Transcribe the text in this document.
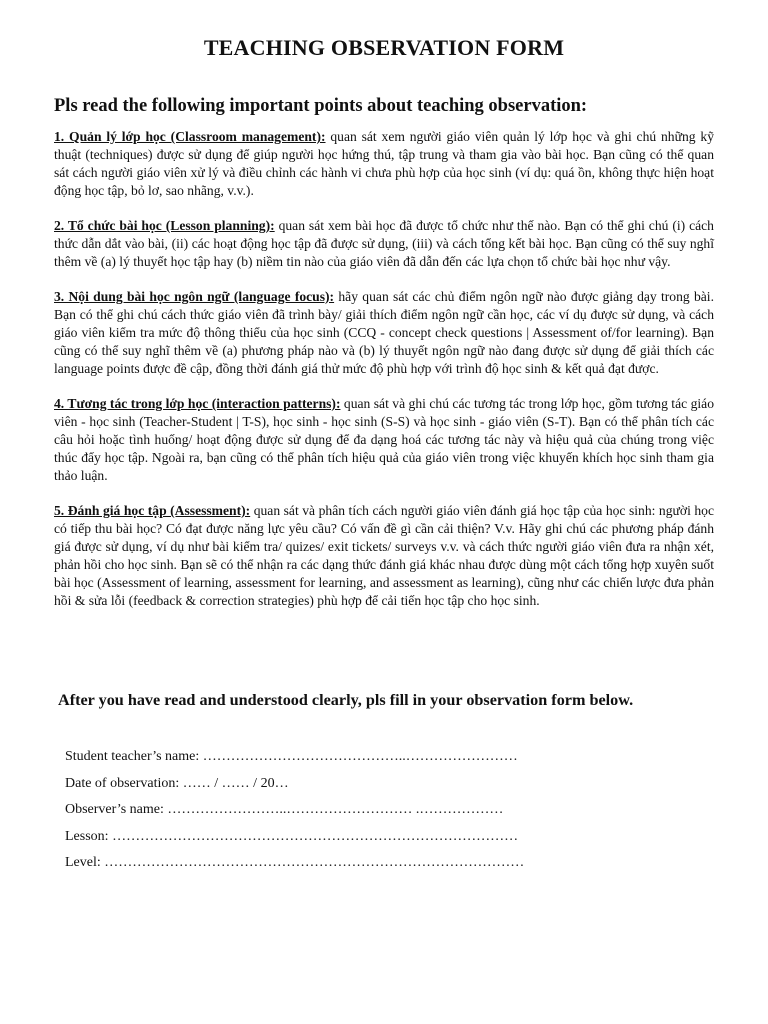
TEACHING OBSERVATION FORM

Pls read the following important points about teaching observation:

1. Quản lý lớp học (Classroom management): quan sát xem người giáo viên quản lý lớp học và ghi chú những kỹ thuật (techniques) được sử dụng để giúp người học hứng thú, tập trung và tham gia vào bài học. Bạn cũng có thể quan sát cách người giáo viên xử lý và điều chỉnh các hành vi chưa phù hợp của học sinh (ví dụ: quá ồn, không thực hiện hoạt động học tập, bỏ lơ, sao nhãng, v.v.).

2. Tổ chức bài học (Lesson planning): quan sát xem bài học đã được tổ chức như thế nào. Bạn có thể ghi chú (i) cách thức dẫn dắt vào bài, (ii) các hoạt động học tập đã được sử dụng, (iii) và cách tổng kết bài học. Bạn cũng có thể suy nghĩ thêm về (a) lý thuyết học tập hay (b) niềm tin nào của giáo viên đã dẫn đến các lựa chọn tổ chức bài học như vậy.

3. Nội dung bài học ngôn ngữ (language focus): hãy quan sát các chủ điểm ngôn ngữ nào được giảng dạy trong bài. Bạn có thể ghi chú cách thức giáo viên đã trình bày/ giải thích điểm ngôn ngữ cần học, các ví dụ được sử dụng, và cách giáo viên kiểm tra mức độ thông thiểu của học sinh (CCQ - concept check questions | Assessment of/for learning). Bạn cũng có thể suy nghĩ thêm về (a) phương pháp nào và (b) lý thuyết ngôn ngữ nào đang được sử dụng để giải thích các language points được đề cập, đồng thời đánh giá thử mức độ phù hợp với trình độ học sinh & kết quả đạt được.

4. Tương tác trong lớp học (interaction patterns): quan sát và ghi chú các tương tác trong lớp học, gồm tương tác giáo viên - học sinh (Teacher-Student | T-S), học sinh - học sinh (S-S) và học sinh - giáo viên (S-T). Bạn có thể phân tích các câu hỏi hoặc tình huống/ hoạt động được sử dụng để đa dạng hoá các tương tác này và hiệu quả của chúng trong việc thúc đẩy học tập. Ngoài ra, bạn cũng có thể phân tích hiệu quả của giáo viên trong việc khuyến khích học sinh tham gia thảo luận.

5. Đánh giá học tập (Assessment): quan sát và phân tích cách người giáo viên đánh giá học tập của học sinh: người học có tiếp thu bài học? Có đạt được năng lực yêu cầu? Có vấn đề gì cần cải thiện? V.v. Hãy ghi chú các phương pháp đánh giá được sử dụng, ví dụ như bài kiểm tra/ quizes/ exit tickets/ surveys v.v. và cách thức người giáo viên đưa ra nhận xét, phản hồi cho học sinh. Bạn sẽ có thể nhận ra các dạng thức đánh giá khác nhau được dùng một cách tổng hợp xuyên suốt bài học (Assessment of learning, assessment for learning, and assessment as learning), cũng như các chiến lược đưa phản hồi & sửa lỗi (feedback & correction strategies) phù hợp để cải tiến học tập cho học sinh.

After you have read and understood clearly, pls fill in your observation form below.

Student teacher’s name: ……………………………………..……………………
Date of observation: …… / …… / 20…
Observer’s name: ……………………..……………………… .………………
Lesson: ……………………………………………………………………………
Level: ………………………………………………………………………………
